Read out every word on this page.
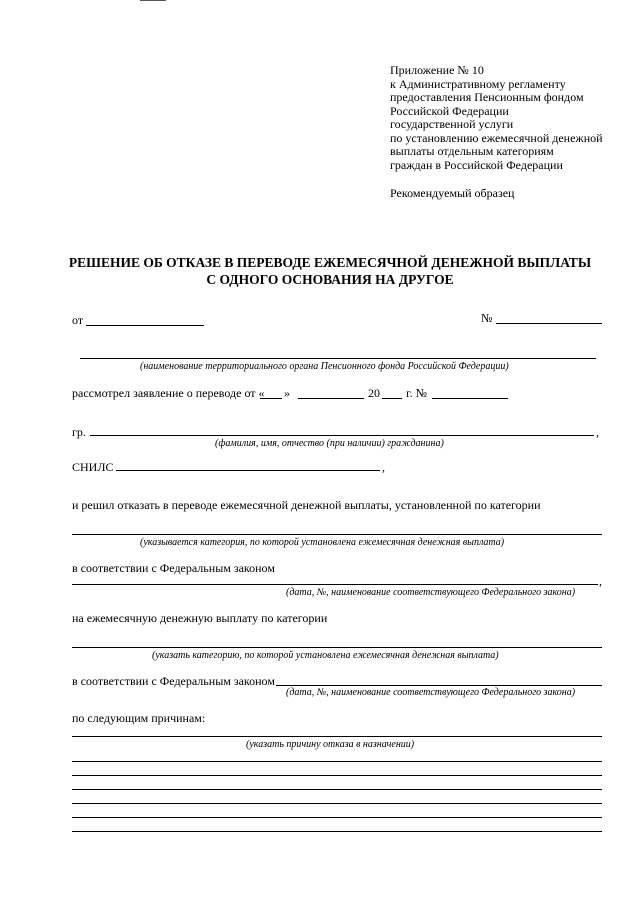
Приложение № 10
к Административному регламенту
предоставления Пенсионным фондом
Российской Федерации
государственной услуги
по установлению ежемесячной денежной
выплаты отдельным категориям
граждан в Российской Федерации
Рекомендуемый образец
РЕШЕНИЕ ОБ ОТКАЗЕ В ПЕРЕВОДЕ ЕЖЕМЕСЯЧНОЙ ДЕНЕЖНОЙ ВЫПЛАТЫ
С ОДНОГО ОСНОВАНИЯ НА ДРУГОЕ
от	№
(наименование территориального органа Пенсионного фонда Российской Федерации)
рассмотрел заявление о переводе от « »	20 г. №
гр.	,
(фамилия, имя, отчество (при наличии) гражданина)
СНИЛС	,
и решил отказать в переводе ежемесячной денежной выплаты, установленной по категории
(указывается категория, по которой установлена ежемесячная денежная выплата)
в соответствии с Федеральным законом
,
(дата, №, наименование соответствующего Федерального закона)
на ежемесячную денежную выплату по категории
(указать категорию, по которой установлена ежемесячная денежная выплата)
в соответствии с Федеральным законом
(дата, №, наименование соответствующего Федерального закона)
по следующим причинам:
(указать причину отказа в назначении)
